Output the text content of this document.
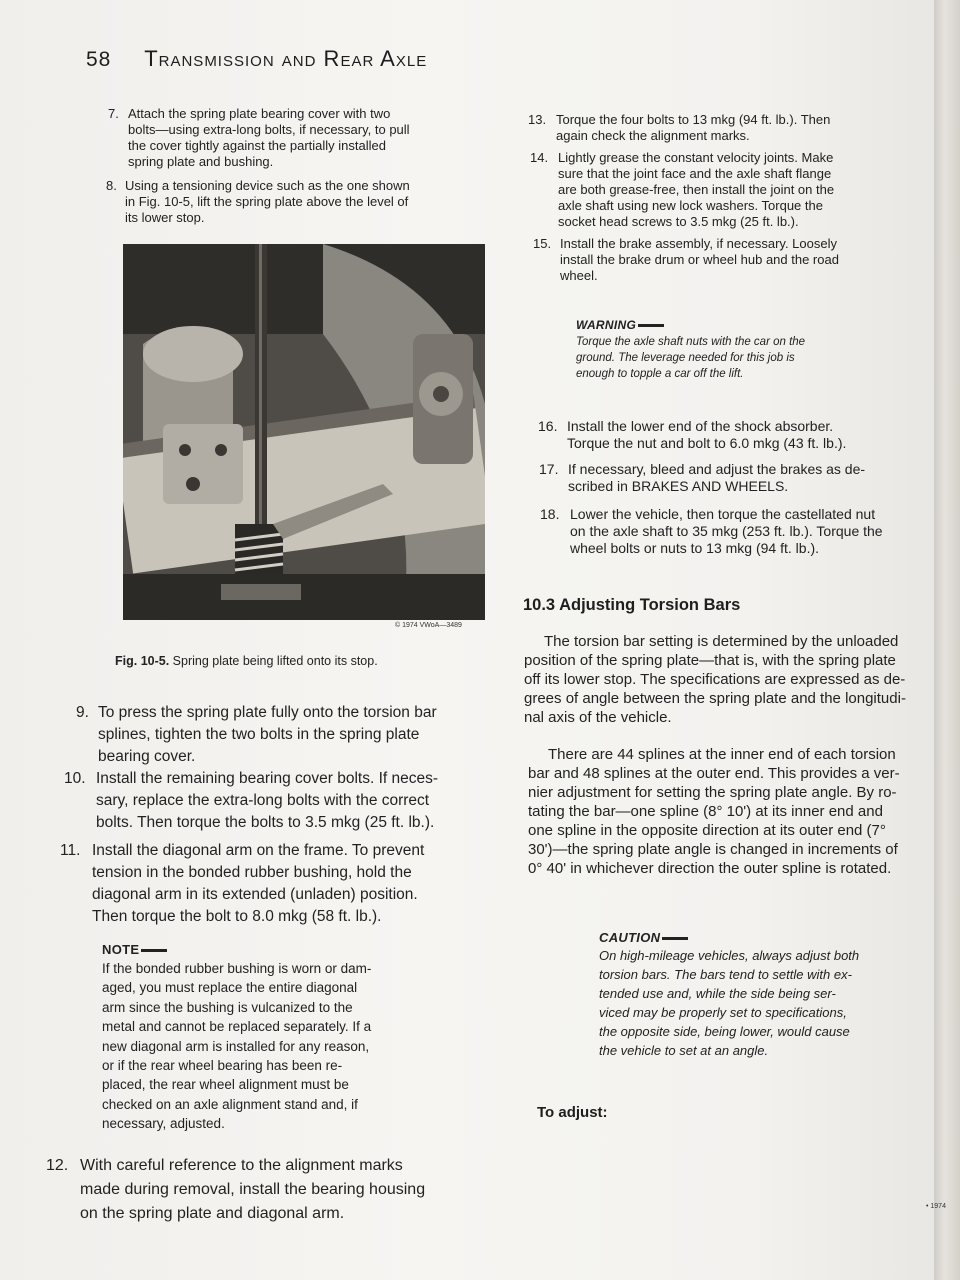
58 Transmission and Rear Axle
7. Attach the spring plate bearing cover with two
bolts—using extra-long bolts, if necessary, to pull
the cover tightly against the partially installed
spring plate and bushing.
8. Using a tensioning device such as the one shown
in Fig. 10-5, lift the spring plate above the level of
its lower stop.
© 1974 VWoA—3489
Fig. 10-5. Spring plate being lifted onto its stop.
9. To press the spring plate fully onto the torsion bar
splines, tighten the two bolts in the spring plate
bearing cover.
10. Install the remaining bearing cover bolts. If neces-
sary, replace the extra-long bolts with the correct
bolts. Then torque the bolts to 3.5 mkg (25 ft. lb.).
11. Install the diagonal arm on the frame. To prevent
tension in the bonded rubber bushing, hold the
diagonal arm in its extended (unladen) position.
Then torque the bolt to 8.0 mkg (58 ft. lb.).
NOTE
If the bonded rubber bushing is worn or dam-
aged, you must replace the entire diagonal
arm since the bushing is vulcanized to the
metal and cannot be replaced separately. If a
new diagonal arm is installed for any reason,
or if the rear wheel bearing has been re-
placed, the rear wheel alignment must be
checked on an axle alignment stand and, if
necessary, adjusted.
12. With careful reference to the alignment marks
made during removal, install the bearing housing
on the spring plate and diagonal arm.
13. Torque the four bolts to 13 mkg (94 ft. lb.). Then
again check the alignment marks.
14. Lightly grease the constant velocity joints. Make
sure that the joint face and the axle shaft flange
are both grease-free, then install the joint on the
axle shaft using new lock washers. Torque the
socket head screws to 3.5 mkg (25 ft. lb.).
15. Install the brake assembly, if necessary. Loosely
install the brake drum or wheel hub and the road
wheel.
WARNING
Torque the axle shaft nuts with the car on the
ground. The leverage needed for this job is
enough to topple a car off the lift.
16. Install the lower end of the shock absorber.
Torque the nut and bolt to 6.0 mkg (43 ft. lb.).
17. If necessary, bleed and adjust the brakes as de-
scribed in BRAKES AND WHEELS.
18. Lower the vehicle, then torque the castellated nut
on the axle shaft to 35 mkg (253 ft. lb.). Torque the
wheel bolts or nuts to 13 mkg (94 ft. lb.).
10.3 Adjusting Torsion Bars
The torsion bar setting is determined by the unloaded
position of the spring plate—that is, with the spring plate
off its lower stop. The specifications are expressed as de-
grees of angle between the spring plate and the longitudi-
nal axis of the vehicle.
There are 44 splines at the inner end of each torsion
bar and 48 splines at the outer end. This provides a ver-
nier adjustment for setting the spring plate angle. By ro-
tating the bar—one spline (8° 10') at its inner end and
one spline in the opposite direction at its outer end (7°
30')—the spring plate angle is changed in increments of
0° 40' in whichever direction the outer spline is rotated.
CAUTION
On high-mileage vehicles, always adjust both
torsion bars. The bars tend to settle with ex-
tended use and, while the side being ser-
viced may be properly set to specifications,
the opposite side, being lower, would cause
the vehicle to set at an angle.
To adjust:
• 1974
